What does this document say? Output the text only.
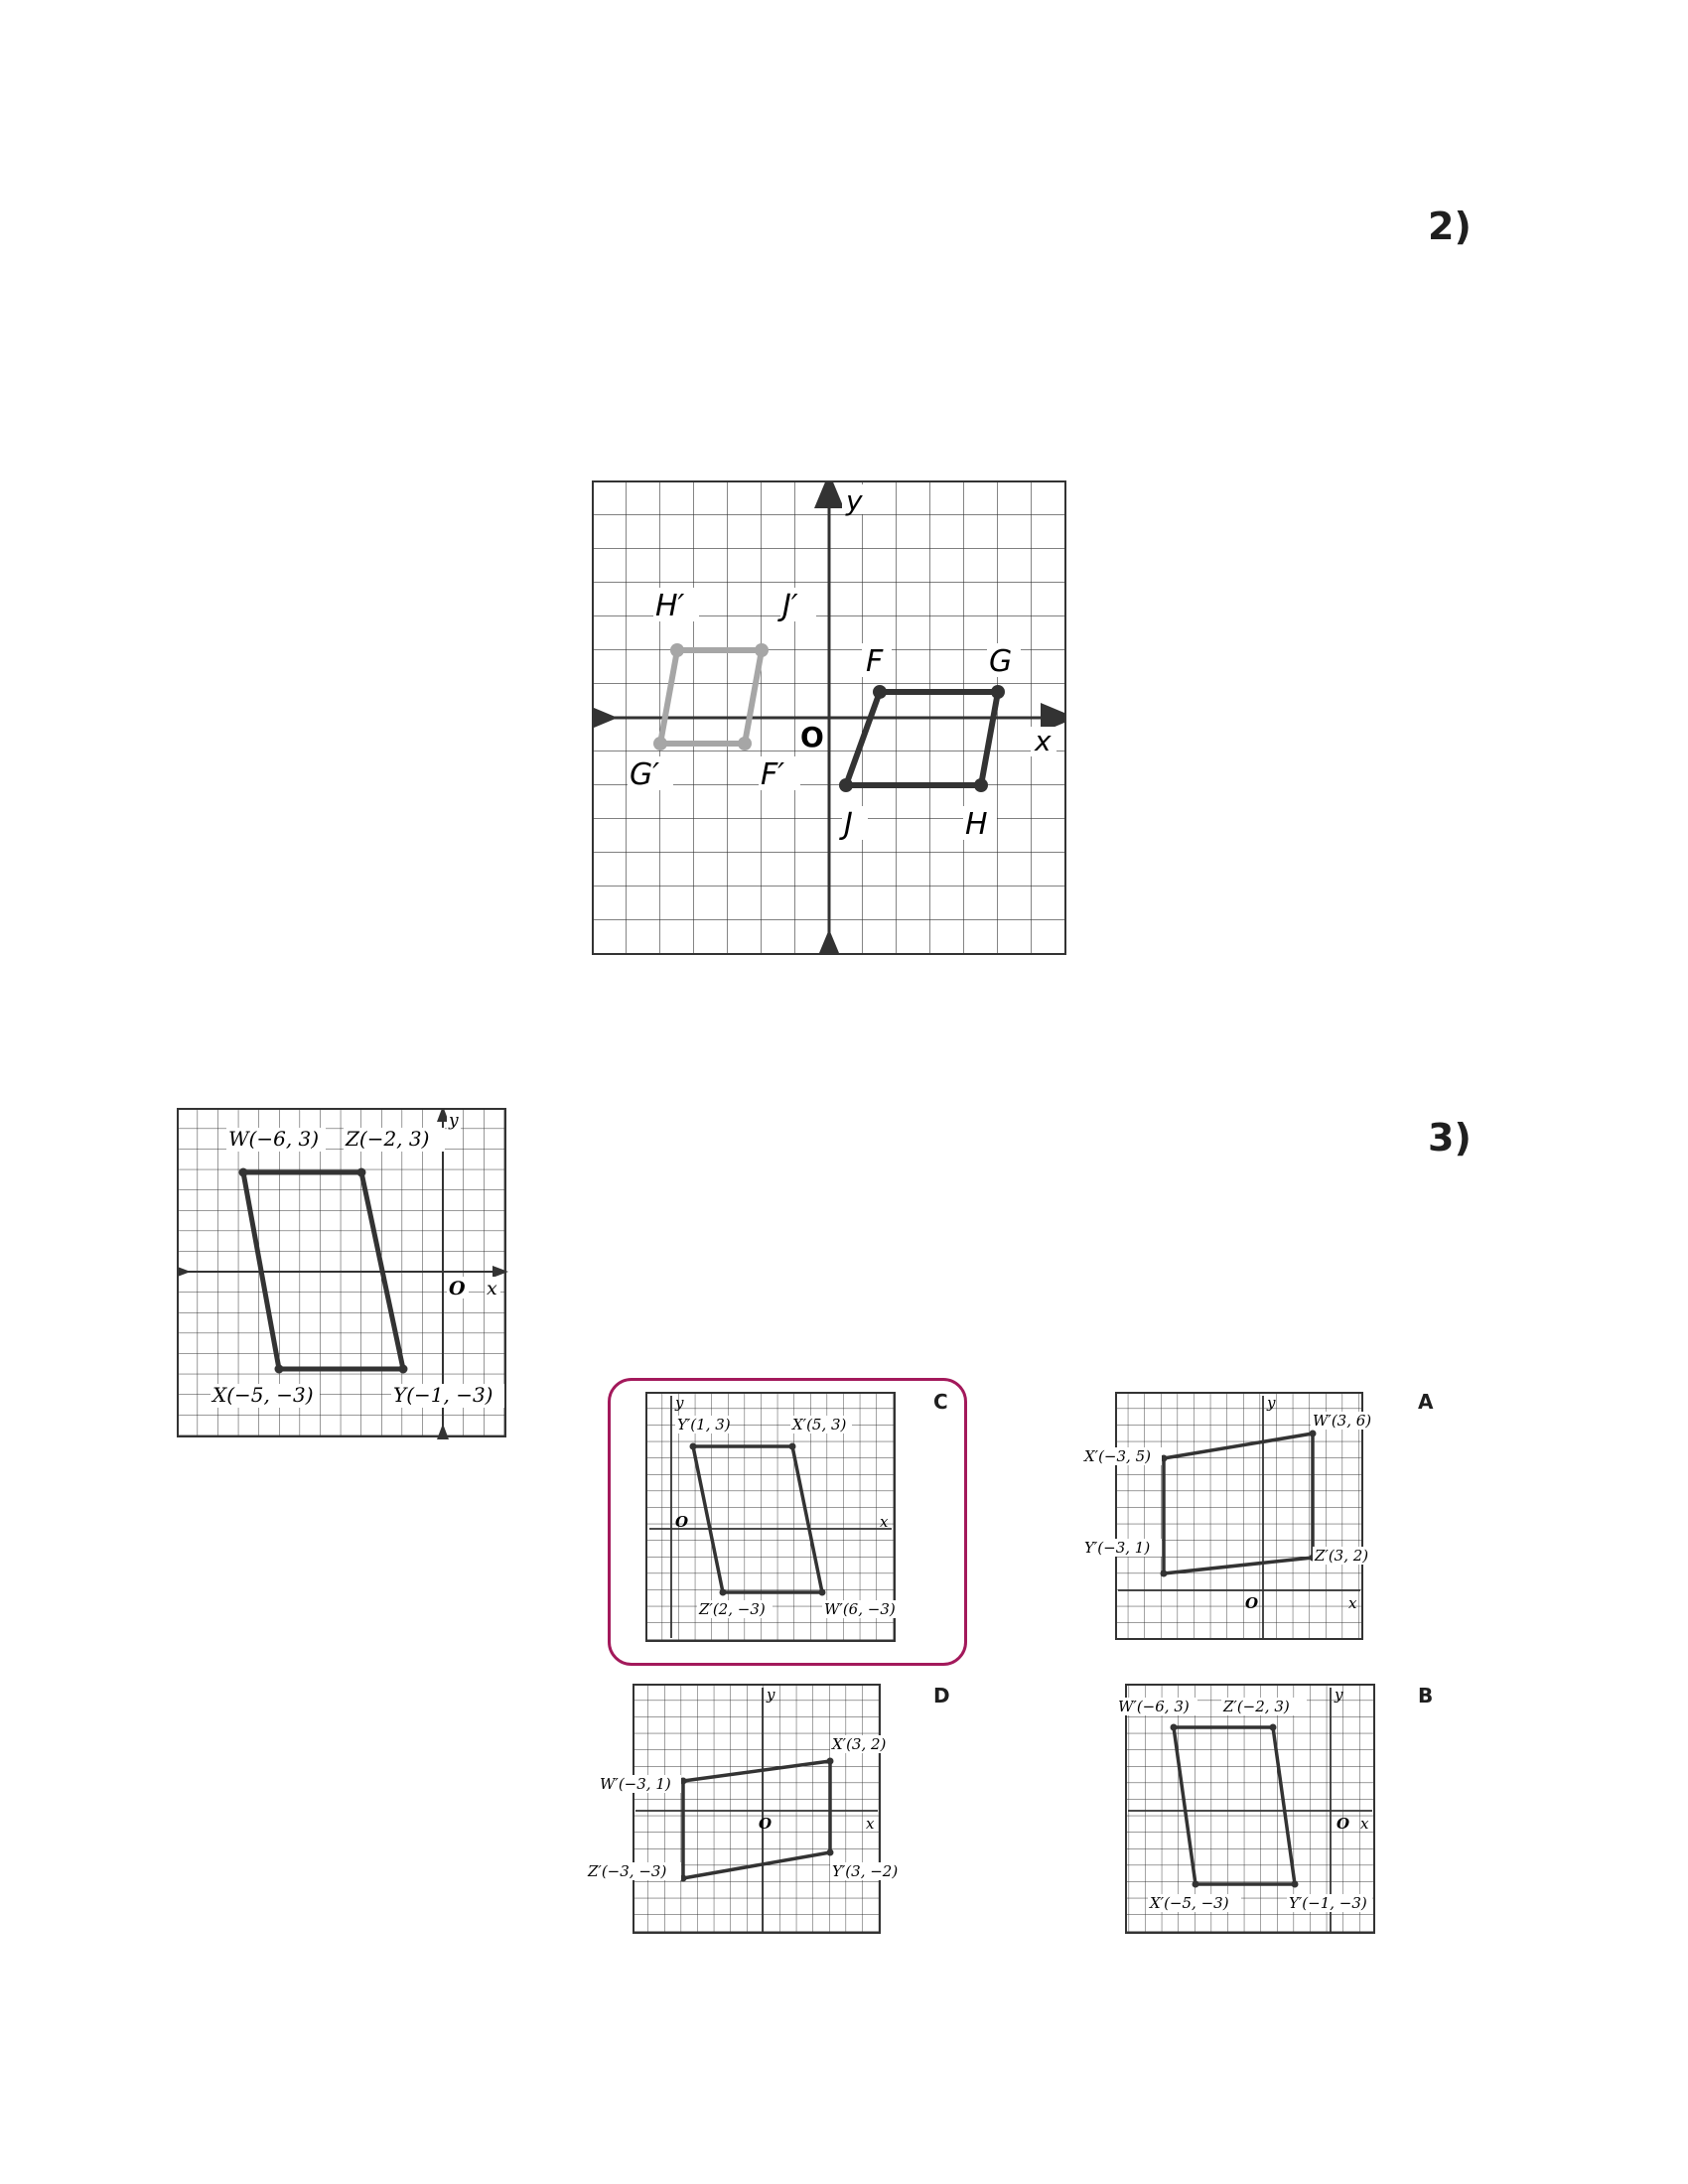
2)
y
x
O
F	G
J	H
H′	J′
G′	F′
3)
y
x
O
W(−6, 3) Z(−2, 3)
X(−5, −3)	Y(−1, −3)	C
y
x
O
Y′(1, 3)	X′(5, 3)
Z′(2, −3)	W′(6, −3)
A
y
x
O
W′(3, 6)
X′(−3, 5)
Y′(−3, 1)	Z′(3, 2)
D
y
x
O
X′(3, 2)
W′(−3, 1)
Z′(−3, −3)	Y′(3, −2)
B
y
x
O
W′(−6, 3) Z′(−2, 3)
X′(−5, −3)	Y′(−1, −3)
